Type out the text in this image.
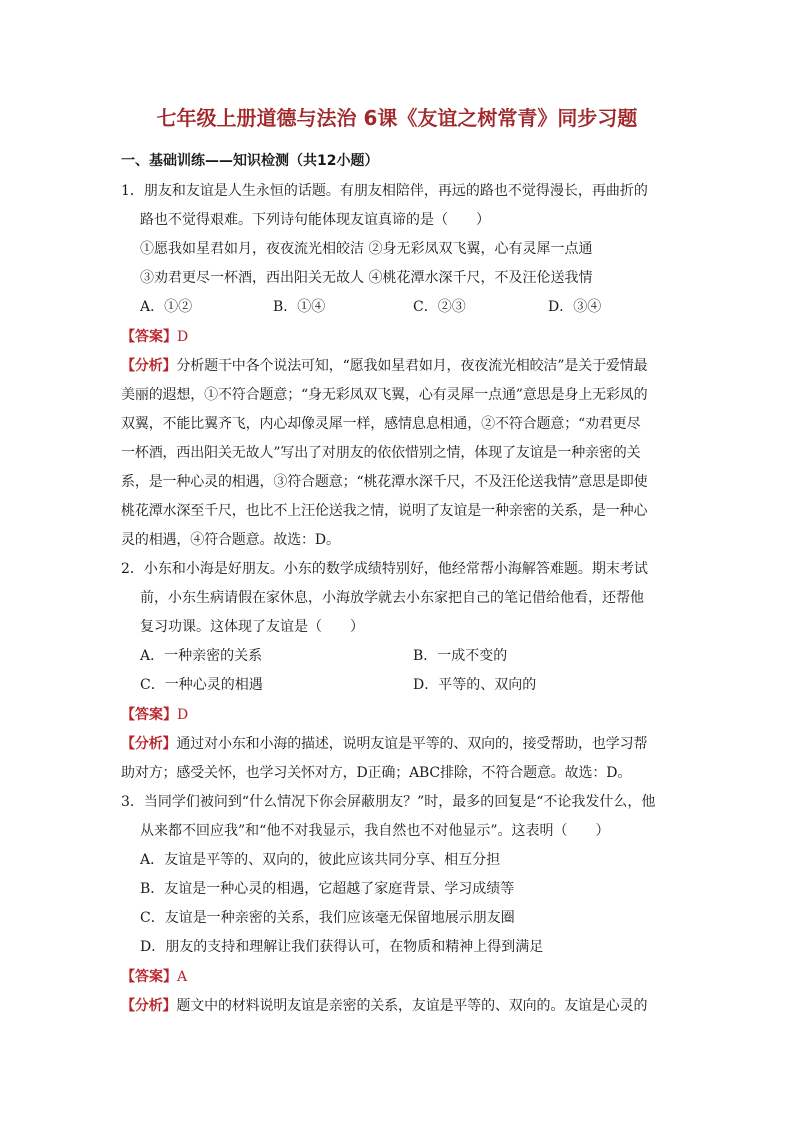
七年级上册道德与法治 6课《友谊之树常青》同步习题
一、基础训练——知识检测（共12小题）
1．朋友和友谊是人生永恒的话题。有朋友相陪伴，再远的路也不觉得漫长，再曲折的
路也不觉得艰难。下列诗句能体现友谊真谛的是（　　）
①愿我如星君如月，夜夜流光相皎洁 ②身无彩凤双飞翼，心有灵犀一点通
③劝君更尽一杯酒，西出阳关无故人 ④桃花潭水深千尺，不及汪伦送我情
A．①②	B．①④	C．②③	D．③④
【答案】D
【分析】分析题干中各个说法可知，“愿我如星君如月，夜夜流光相皎洁”是关于爱情最
美丽的遐想，①不符合题意；“身无彩凤双飞翼，心有灵犀一点通”意思是身上无彩凤的
双翼，不能比翼齐飞，内心却像灵犀一样，感情息息相通，②不符合题意；“劝君更尽
一杯酒，西出阳关无故人”写出了对朋友的依依惜别之情，体现了友谊是一种亲密的关
系，是一种心灵的相遇，③符合题意；“桃花潭水深千尺，不及汪伦送我情”意思是即使
桃花潭水深至千尺，也比不上汪伦送我之情，说明了友谊是一种亲密的关系，是一种心
灵的相遇，④符合题意。故选：D。
2．小东和小海是好朋友。小东的数学成绩特别好，他经常帮小海解答难题。期末考试
前，小东生病请假在家休息，小海放学就去小东家把自己的笔记借给他看，还帮他
复习功课。这体现了友谊是（　　）
A．一种亲密的关系	B．一成不变的
C．一种心灵的相遇	D．平等的、双向的
【答案】D
【分析】通过对小东和小海的描述，说明友谊是平等的、双向的，接受帮助，也学习帮
助对方；感受关怀，也学习关怀对方，D正确；ABC排除，不符合题意。故选：D。
3．当同学们被问到“什么情况下你会屏蔽朋友？”时，最多的回复是“不论我发什么，他
从来都不回应我”和“他不对我显示，我自然也不对他显示”。这表明（　　）
A．友谊是平等的、双向的，彼此应该共同分享、相互分担
B．友谊是一种心灵的相遇，它超越了家庭背景、学习成绩等
C．友谊是一种亲密的关系，我们应该毫无保留地展示朋友圈
D．朋友的支持和理解让我们获得认可，在物质和精神上得到满足
【答案】A
【分析】题文中的材料说明友谊是亲密的关系，友谊是平等的、双向的。友谊是心灵的
